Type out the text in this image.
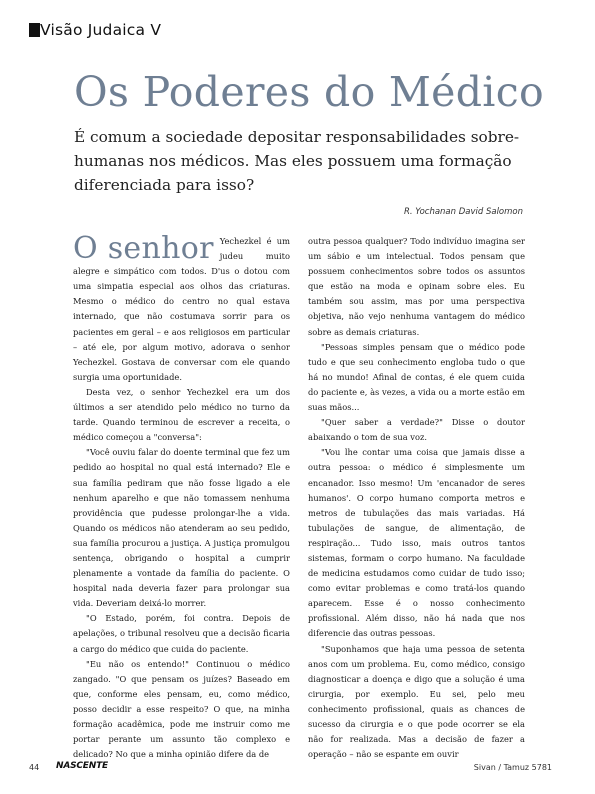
Visão Judaica V
Os Poderes do Médico

É comum a sociedade depositar responsabilidades sobre-humanas nos médicos. Mas eles possuem uma formação diferenciada para isso?

R. Yochanan David Salomon

O senhor Yechezkel é um judeu muito alegre e simpático com todos. D'us o dotou com uma simpatia especial aos olhos das criaturas. Mesmo o médico do centro no qual estava internado, que não costumava sorrir para os pacientes em geral – e aos religiosos em particular – até ele, por algum motivo, adorava o senhor Yechezkel. Gostava de conversar com ele quando surgia uma oportunidade.

Desta vez, o senhor Yechezkel era um dos últimos a ser atendido pelo médico no turno da tarde. Quando terminou de escrever a receita, o médico começou a "conversa":

"Você ouviu falar do doente terminal que fez um pedido ao hospital no qual está internado? Ele e sua família pediram que não fosse ligado a ele nenhum aparelho e que não tomassem nenhuma providência que pudesse prolongar-lhe a vida. Quando os médicos não atenderam ao seu pedido, sua família procurou a justiça. A justiça promulgou sentença, obrigando o hospital a cumprir plenamente a vontade da família do paciente. O hospital nada deveria fazer para prolongar sua vida. Deveriam deixá-lo morrer.

"O Estado, porém, foi contra. Depois de apelações, o tribunal resolveu que a decisão ficaria a cargo do médico que cuida do paciente.

"Eu não os entendo!" Continuou o médico zangado. "O que pensam os juízes? Baseado em que, conforme eles pensam, eu, como médico, posso decidir a esse respeito? O que, na minha formação acadêmica, pode me instruir como me portar perante um assunto tão complexo e delicado? No que a minha opinião difere da de

outra pessoa qualquer? Todo indivíduo imagina ser um sábio e um intelectual. Todos pensam que possuem conhecimentos sobre todos os assuntos que estão na moda e opinam sobre eles. Eu também sou assim, mas por uma perspectiva objetiva, não vejo nenhuma vantagem do médico sobre as demais criaturas.

"Pessoas simples pensam que o médico pode tudo e que seu conhecimento engloba tudo o que há no mundo! Afinal de contas, é ele quem cuida do paciente e, às vezes, a vida ou a morte estão em suas mãos...

"Quer saber a verdade?" Disse o doutor abaixando o tom de sua voz.

"Vou lhe contar uma coisa que jamais disse a outra pessoa: o médico é simplesmente um encanador. Isso mesmo! Um 'encanador de seres humanos'. O corpo humano comporta metros e metros de tubulações das mais variadas. Há tubulações de sangue, de alimentação, de respiração... Tudo isso, mais outros tantos sistemas, formam o corpo humano. Na faculdade de medicina estudamos como cuidar de tudo isso; como evitar problemas e como tratá-los quando aparecem. Esse é o nosso conhecimento profissional. Além disso, não há nada que nos diferencie das outras pessoas.

"Suponhamos que haja uma pessoa de setenta anos com um problema. Eu, como médico, consigo diagnosticar a doença e digo que a solução é uma cirurgia, por exemplo. Eu sei, pelo meu conhecimento profissional, quais as chances de sucesso da cirurgia e o que pode ocorrer se ela não for realizada. Mas a decisão de fazer a operação – não se espante em ouvir

44 NASCENTE	Sivan / Tamuz 5781
